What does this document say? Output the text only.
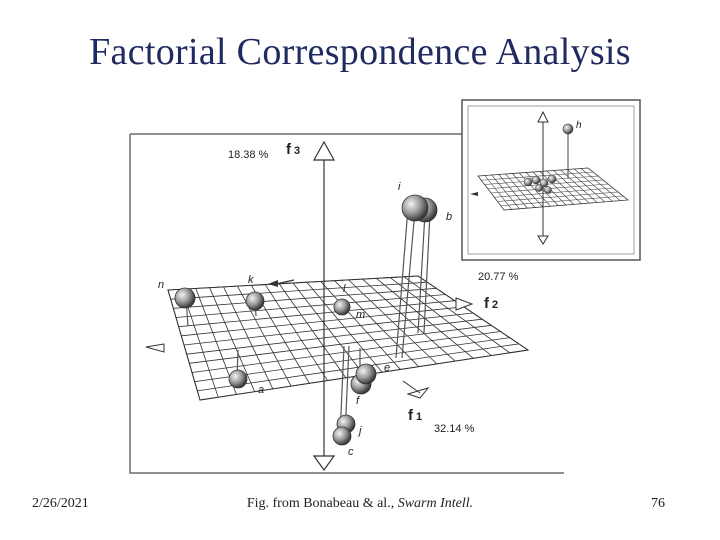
Factorial Correspondence Analysis
18.38 % f 3
20.77 %
f 2
f 1
32.14 %
i
b
n	k
l
m
a
e
f
j
c
h
2/26/2021	Fig. from Bonabeau & al., Swarm Intell.	76
